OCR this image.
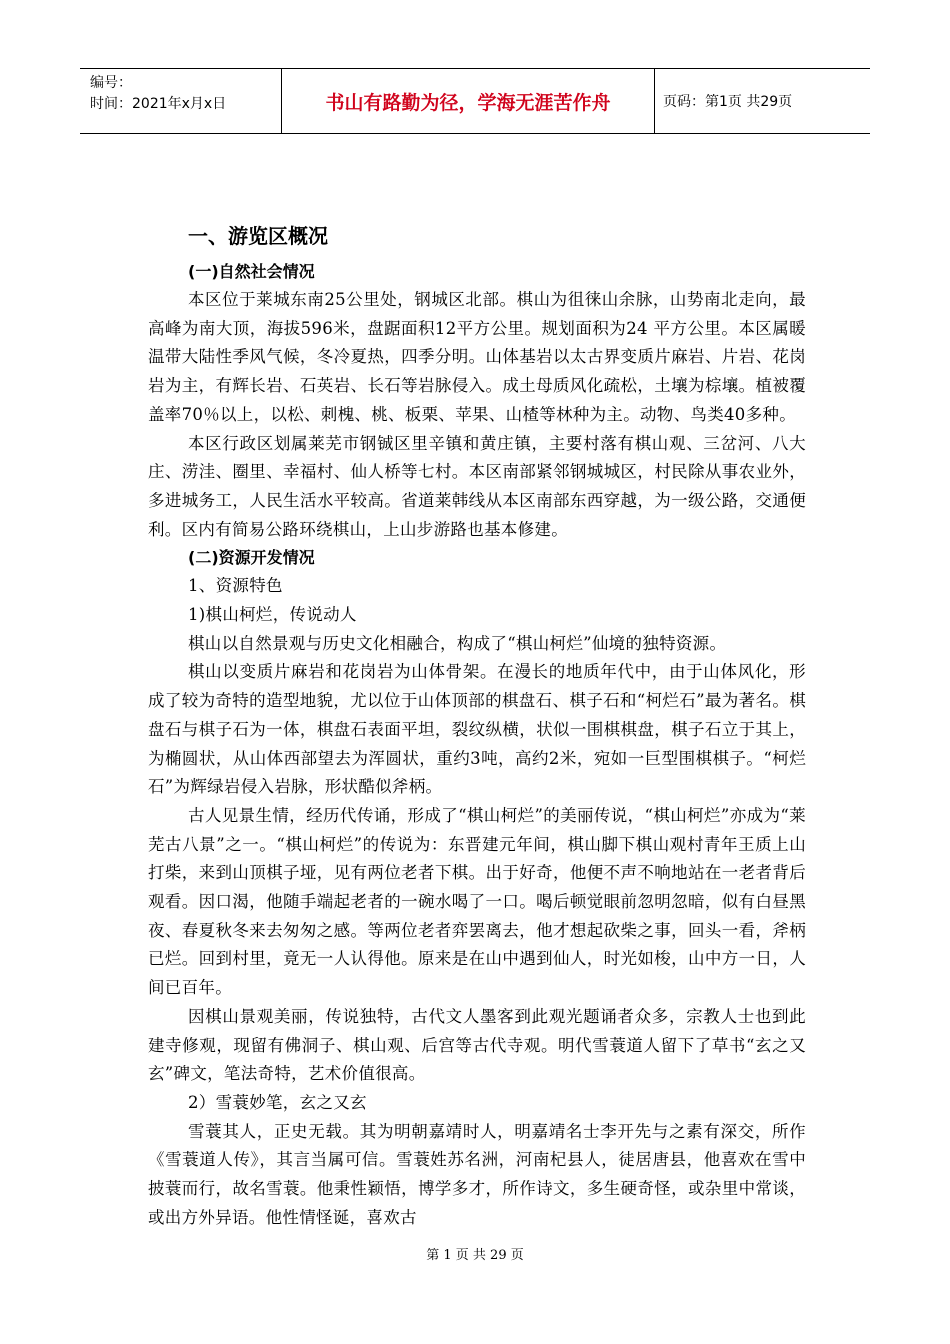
编号：
时间：2021年x月x日	书山有路勤为径，学海无涯苦作舟	页码：第1页 共29页
一、游览区概况

(一)自然社会情况

本区位于莱城东南25公里处，钢城区北部。棋山为徂徕山余脉，山势南北走向，最高峰为南大顶，海拔596米，盘踞面积12平方公里。规划面积为24 平方公里。本区属暖温带大陆性季风气候，冬冷夏热，四季分明。山体基岩以太古界变质片麻岩、片岩、花岗岩为主，有辉长岩、石英岩、长石等岩脉侵入。成土母质风化疏松，土壤为棕壤。植被覆盖率70％以上，以松、刺槐、桃、板栗、苹果、山楂等林种为主。动物、鸟类40多种。

本区行政区划属莱芜市钢铖区里辛镇和黄庄镇，主要村落有棋山观、三岔河、八大庄、涝洼、圈里、幸福村、仙人桥等七村。本区南部紧邻钢城城区，村民除从事农业外，多进城务工，人民生活水平较高。省道莱韩线从本区南部东西穿越，为一级公路，交通便利。区内有简易公路环绕棋山，上山步游路也基本修建。

(二)资源开发情况

1、资源特色

1)棋山柯烂，传说动人

棋山以自然景观与历史文化相融合，构成了“棋山柯烂”仙境的独特资源。

棋山以变质片麻岩和花岗岩为山体骨架。在漫长的地质年代中，由于山体风化，形成了较为奇特的造型地貌，尤以位于山体顶部的棋盘石、棋子石和“柯烂石”最为著名。棋盘石与棋子石为一体，棋盘石表面平坦，裂纹纵横，状似一围棋棋盘，棋子石立于其上，为椭圆状，从山体西部望去为浑圆状，重约3吨，高约2米，宛如一巨型围棋棋子。“柯烂石”为辉绿岩侵入岩脉，形状酷似斧柄。

古人见景生情，经历代传诵，形成了“棋山柯烂”的美丽传说，“棋山柯烂”亦成为“莱芜古八景”之一。“棋山柯烂”的传说为：东晋建元年间，棋山脚下棋山观村青年王质上山打柴，来到山顶棋子垭，见有两位老者下棋。出于好奇，他便不声不响地站在一老者背后观看。因口渴，他随手端起老者的一碗水喝了一口。喝后顿觉眼前忽明忽暗，似有白昼黑夜、春夏秋冬来去匆匆之感。等两位老者弈罢离去，他才想起砍柴之事，回头一看，斧柄已烂。回到村里，竟无一人认得他。原来是在山中遇到仙人，时光如梭，山中方一日，人间已百年。

因棋山景观美丽，传说独特，古代文人墨客到此观光题诵者众多，宗教人士也到此建寺修观，现留有佛洞子、棋山观、后宫等古代寺观。明代雪蓑道人留下了草书“玄之又玄”碑文，笔法奇特，艺术价值很高。

2）雪蓑妙笔，玄之又玄

雪蓑其人，正史无载。其为明朝嘉靖时人，明嘉靖名士李开先与之素有深交，所作《雪蓑道人传》，其言当属可信。雪蓑姓苏名洲，河南杞县人，徒居唐县，他喜欢在雪中披蓑而行，故名雪蓑。他秉性颖悟，博学多才，所作诗文，多生硬奇怪，或杂里中常谈，或出方外异语。他性情怪诞，喜欢古

第 1 页 共 29 页
